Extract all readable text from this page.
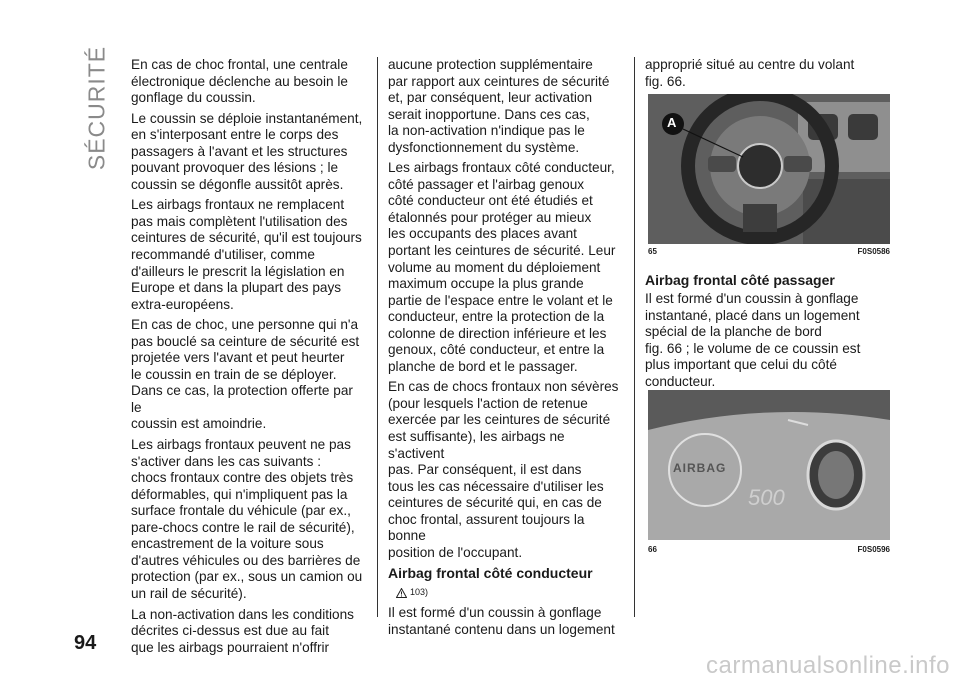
SÉCURITÉ En cas de choc frontal, une centrale
électronique déclenche au besoin le
gonflage du coussin.

Le coussin se déploie instantanément,
en s'interposant entre le corps des
passagers à l'avant et les structures
pouvant provoquer des lésions ; le
coussin se dégonfle aussitôt après.

Les airbags frontaux ne remplacent
pas mais complètent l'utilisation des
ceintures de sécurité, qu'il est toujours
recommandé d'utiliser, comme
d'ailleurs le prescrit la législation en
Europe et dans la plupart des pays
extra-européens.

En cas de choc, une personne qui n'a
pas bouclé sa ceinture de sécurité est
projetée vers l'avant et peut heurter
le coussin en train de se déployer.
Dans ce cas, la protection offerte par le
coussin est amoindrie.

Les airbags frontaux peuvent ne pas
s'activer dans les cas suivants :
chocs frontaux contre des objets très
déformables, qui n'impliquent pas la
surface frontale du véhicule (par ex.,
pare-chocs contre le rail de sécurité),
encastrement de la voiture sous
d'autres véhicules ou des barrières de
protection (par ex., sous un camion ou
un rail de sécurité).

La non-activation dans les conditions
décrites ci-dessus est due au fait
que les airbags pourraient n'offrir

aucune protection supplémentaire
par rapport aux ceintures de sécurité
et, par conséquent, leur activation
serait inopportune. Dans ces cas,
la non-activation n'indique pas le
dysfonctionnement du système.

Les airbags frontaux côté conducteur,
côté passager et l'airbag genoux
côté conducteur ont été étudiés et
étalonnés pour protéger au mieux
les occupants des places avant
portant les ceintures de sécurité. Leur
volume au moment du déploiement
maximum occupe la plus grande
partie de l'espace entre le volant et le
conducteur, entre la protection de la
colonne de direction inférieure et les
genoux, côté conducteur, et entre la
planche de bord et le passager.

En cas de chocs frontaux non sévères
(pour lesquels l'action de retenue
exercée par les ceintures de sécurité
est suffisante), les airbags ne s'activent
pas. Par conséquent, il est dans
tous les cas nécessaire d'utiliser les
ceintures de sécurité qui, en cas de
choc frontal, assurent toujours la bonne
position de l'occupant.

Airbag frontal côté conducteur
103)

Il est formé d'un coussin à gonflage
instantané contenu dans un logement

approprié situé au centre du volant
fig. 66.

A
65	F0S0586
Airbag frontal côté passager

Il est formé d'un coussin à gonflage
instantané, placé dans un logement
spécial de la planche de bord
fig. 66 ; le volume de ce coussin est
plus important que celui du côté
conducteur.

AIRBAG
500
66	F0S0596
94
carmanualsonline.info
